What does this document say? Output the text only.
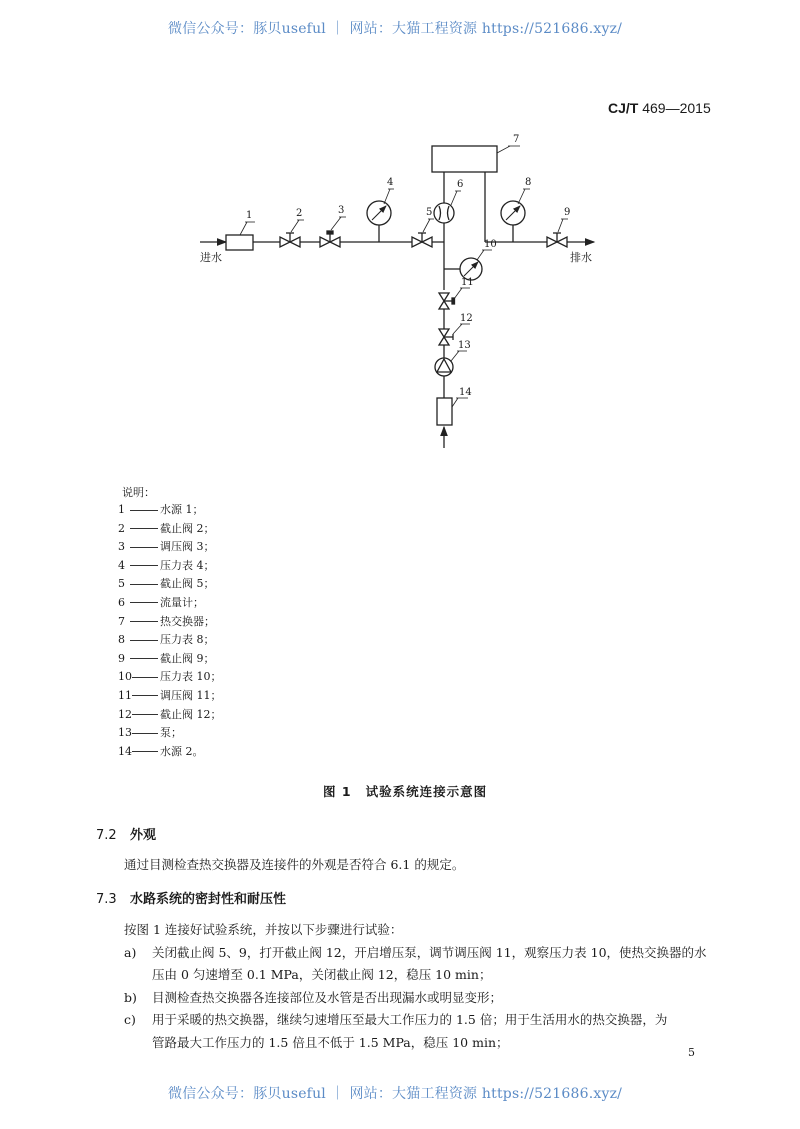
微信公众号：豚贝useful ｜ 网站：大猫工程资源 https://521686.xyz/
CJ/T 469—2015
进水	排水
1	2	3
4
5
6
7
8
9
10
11
12
13
14
说明：
1	水源 1；
2	截止阀 2；
3	调压阀 3；
4	压力表 4；
5	截止阀 5；
6	流量计；
7	热交换器；
8	压力表 8；
9	截止阀 9；
10	压力表 10；
11	调压阀 11；
12	截止阀 12；
13	泵；
14	水源 2。
图 1 试验系统连接示意图
7.2 外观
通过目测检查热交换器及连接件的外观是否符合 6.1 的规定。
7.3 水路系统的密封性和耐压性
按图 1 连接好试验系统，并按以下步骤进行试验：
a) 关闭截止阀 5、9，打开截止阀 12，开启增压泵，调节调压阀 11，观察压力表 10，使热交换器的水
压由 0 匀速增至 0.1 MPa，关闭截止阀 12，稳压 10 min；
b) 目测检查热交换器各连接部位及水管是否出现漏水或明显变形；
c) 用于采暖的热交换器，继续匀速增压至最大工作压力的 1.5 倍；用于生活用水的热交换器，为
管路最大工作压力的 1.5 倍且不低于 1.5 MPa，稳压 10 min；
5
微信公众号：豚贝useful ｜ 网站：大猫工程资源 https://521686.xyz/
